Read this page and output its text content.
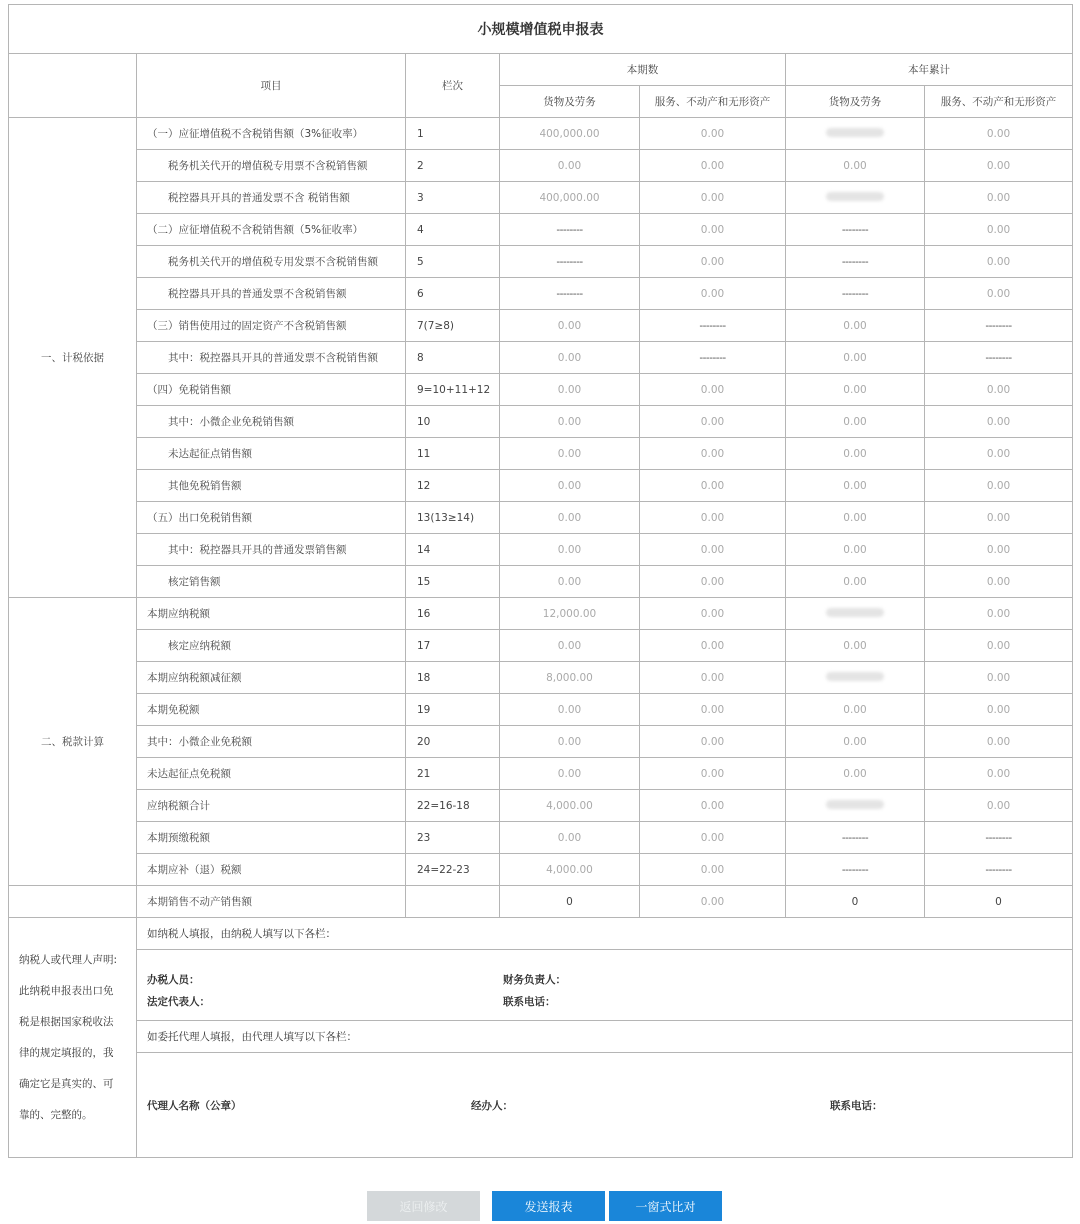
小规模增值税申报表						
	项目	栏次	本期数		本年累计	
			货物及劳务	服务、不动产和无形资产	货物及劳务	服务、不动产和无形资产
一、计税依据	（一）应征增值税不含税销售额（3%征收率）	1	400,000.00	0.00		0.00
	税务机关代开的增值税专用票不含税销售额	2	0.00	0.00	0.00	0.00
	税控器具开具的普通发票不含 税销售额	3	400,000.00	0.00		0.00
	（二）应征增值税不含税销售额（5%征收率）	4	--------	0.00	--------	0.00
	税务机关代开的增值税专用发票不含税销售额	5	--------	0.00	--------	0.00
	税控器具开具的普通发票不含税销售额	6	--------	0.00	--------	0.00
	（三）销售使用过的固定资产不含税销售额	7(7≥8)	0.00	--------	0.00	--------
	其中：税控器具开具的普通发票不含税销售额	8	0.00	--------	0.00	--------
	（四）免税销售额	9=10+11+12	0.00	0.00	0.00	0.00
	其中：小微企业免税销售额	10	0.00	0.00	0.00	0.00
	未达起征点销售额	11	0.00	0.00	0.00	0.00
	其他免税销售额	12	0.00	0.00	0.00	0.00
	（五）出口免税销售额	13(13≥14)	0.00	0.00	0.00	0.00
	其中：税控器具开具的普通发票销售额	14	0.00	0.00	0.00	0.00
	核定销售额	15	0.00	0.00	0.00	0.00
二、税款计算	本期应纳税额	16	12,000.00	0.00		0.00
	核定应纳税额	17	0.00	0.00	0.00	0.00
	本期应纳税额减征额	18	8,000.00	0.00		0.00
	本期免税额	19	0.00	0.00	0.00	0.00
	其中：小微企业免税额	20	0.00	0.00	0.00	0.00
	未达起征点免税额	21	0.00	0.00	0.00	0.00
	应纳税额合计	22=16-18	4,000.00	0.00		0.00
	本期预缴税额	23	0.00	0.00	--------	--------
	本期应补（退）税额	24=22-23	4,000.00	0.00	--------	--------
	本期销售不动产销售额		0	0.00	0	0
纳税人或代理人声明:
此纳税申报表出口免
税是根据国家税收法
律的规定填报的，我
确定它是真实的、可
靠的、完整的。
	如纳税人填报，由纳税人填写以下各栏：

办税人员：	财务负责人：
法定代表人：	联系电话：

如委托代理人填报，由代理人填写以下各栏：

代理人名称（公章）	经办人：	联系电话：
返回修改	发送报表	一窗式比对
